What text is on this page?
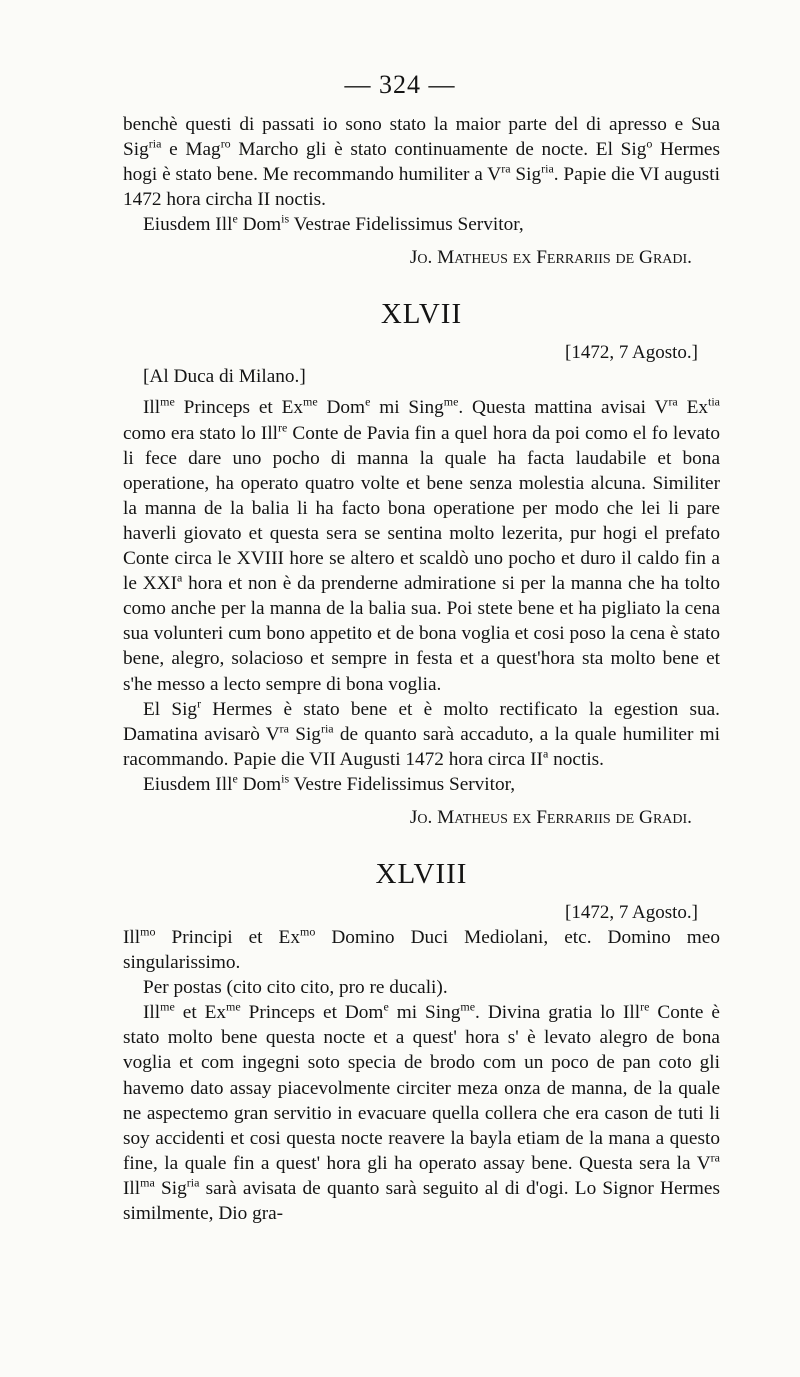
— 324 —

benchè questi di passati io sono stato la maior parte del di apresso e Sua Sig$^{ria}$ e Mag$^{ro}$ Marcho gli è stato continuamente de nocte. El Sig$^o$ Hermes hogi è stato bene. Me recommando humiliter a $V^{ra}$ Sig$^{ria}$. Papie die VI augusti 1472 hora circha II noctis.

Eiusdem Ill$^e$ Dom$^{is}$ Vestrae Fidelissimus Servitor,

Jo. Matheus ex Ferrariis de Gradi.
XLVII
[1472, 7 Agosto.]
[Al Duca di Milano.]

Ill$^{me}$ Princeps et $Ex^{me}$ Dom$^e$ mi Sing$^{me}$. Questa mattina avisai $V^{ra}$ $Ex^{tia}$ como era stato lo Ill$^{re}$ Conte de Pavia fin a quel hora da poi como el fo levato li fece dare uno pocho di manna la quale ha facta laudabile et bona operatione, ha operato quatro volte et bene senza molestia alcuna. Similiter la manna de la balia li ha facto bona operatione per modo che lei li pare haverli giovato et questa sera se sentina molto lezerita, pur hogi el prefato Conte circa le XVIII hore se altero et scaldò uno pocho et duro il caldo fin a le XXI$^a$ hora et non è da prenderne admiratione si per la manna che ha tolto como anche per la manna de la balia sua. Poi stete bene et ha pigliato la cena sua volunteri cum bono appetito et de bona voglia et cosi poso la cena è stato bene, alegro, solacioso et sempre in festa et a quest'hora sta molto bene et s'he messo a lecto sempre di bona voglia.

El Sig$^r$ Hermes è stato bene et è molto rectificato la egestion sua. Damatina avisarò $V^{ra}$ Sig$^{ria}$ de quanto sarà accaduto, a la quale humiliter mi racommando. Papie die VII Augusti 1472 hora circa $II^a$ noctis.

Eiusdem Ill$^e$ Dom$^{is}$ Vestre Fidelissimus Servitor,

Jo. Matheus ex Ferrariis de Gradi.
XLVIII
[1472, 7 Agosto.]

Ill$^{mo}$ Principi et $Ex^{mo}$ Domino Duci Mediolani, etc. Domino meo singularissimo.

Per postas (cito cito cito, pro re ducali).

Ill$^{me}$ et $Ex^{me}$ Princeps et Dom$^e$ mi Sing$^{me}$. Divina gratia lo Ill$^{re}$ Conte è stato molto bene questa nocte et a quest' hora s' è levato alegro de bona voglia et com ingegni soto specia de brodo com un poco de pan coto gli havemo dato assay piacevolmente circiter meza onza de manna, de la quale ne aspectemo gran servitio in evacuare quella collera che era cason de tuti li soy accidenti et cosi questa nocte reavere la bayla etiam de la mana a questo fine, la quale fin a quest' hora gli ha operato assay bene. Questa sera la $V^{ra}$ Ill$^{ma}$ Sig$^{ria}$ sarà avisata de quanto sarà seguito al di d'ogi. Lo Signor Hermes similmente, Dio gra-
